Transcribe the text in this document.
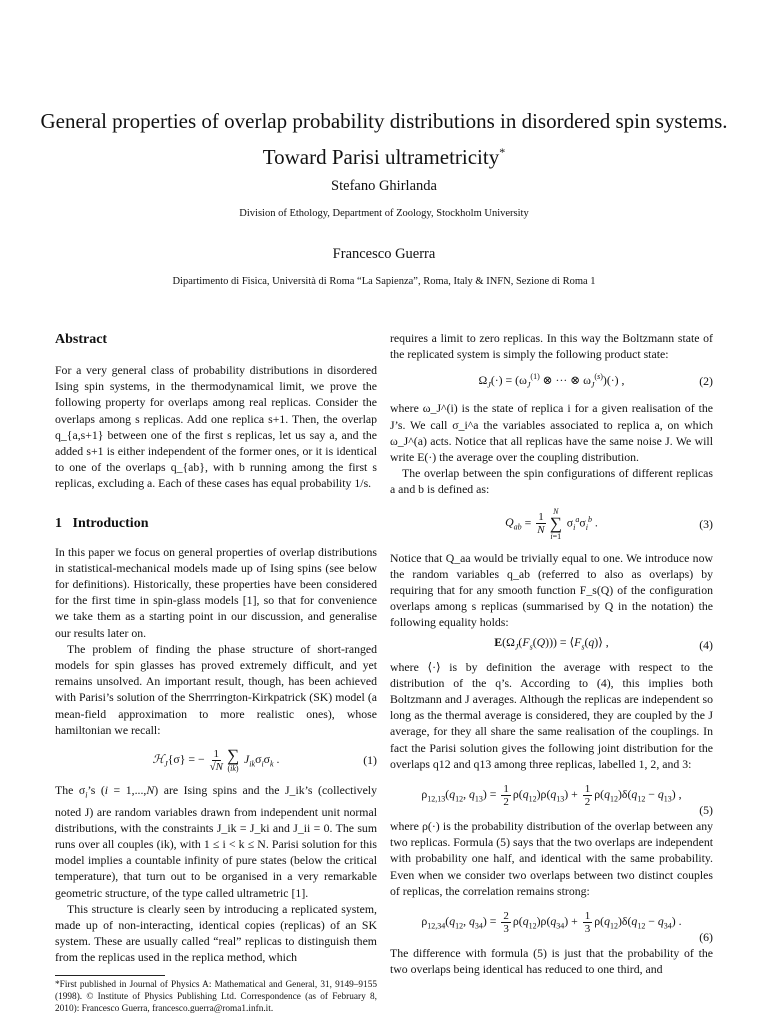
General properties of overlap probability distributions in disordered spin systems. Toward Parisi ultrametricity*
Stefano Ghirlanda
Division of Ethology, Department of Zoology, Stockholm University
Francesco Guerra
Dipartimento di Fisica, Università di Roma “La Sapienza”, Roma, Italy & INFN, Sezione di Roma 1
Abstract

For a very general class of probability distributions in disordered Ising spin systems, in the thermodynamical limit, we prove the following property for overlaps among real replicas. Consider the overlaps among s replicas. Add one replica s+1. Then, the overlap q_{a,s+1} between one of the first s replicas, let us say a, and the added s+1 is either independent of the former ones, or it is identical to one of the overlaps q_{ab}, with b running among the first s replicas, excluding a. Each of these cases has equal probability 1/s.

1 Introduction

In this paper we focus on general properties of overlap distributions in statistical-mechanical models made up of Ising spins (see below for definitions). Historically, these properties have been considered for the first time in spin-glass models [1], so that for convenience we take them as a starting point in our discussion, and generalise our results later on.

The problem of finding the phase structure of short-ranged models for spin glasses has proved extremely difficult, and yet remains unsolved. An important result, though, has been achieved with Parisi’s solution of the Sherrrington-Kirkpatrick (SK) model (a mean-field approximation to more realistic ones), whose hamiltonian we recall:

ℋ$_J${σ} = − $\frac{1}{√N}$ ∑
(ik)
$J_{ik}\sigma_i\sigma_k$ .	(1)

The $\sigma_i’s$ (i = 1,...,N) are Ising spins and the J_ik’s (collectively noted J) are random variables drawn from independent unit normal distributions, with the constraints J_ik = J_ki and J_ii = 0. The sum runs over all couples (ik), with 1 ≤ i < k ≤ N. Parisi solution for this model implies a countable infinity of pure states (below the critical temperature), that turn out to be organised in a very remarkable geometric structure, of the type called ultrametric [1].

This structure is clearly seen by introducing a replicated system, made up of non-interacting, identical copies (replicas) of an SK system. These are usually called “real” replicas to distinguish them from the replicas used in the replica method, which

requires a limit to zero replicas. In this way the Boltzmann state of the replicated system is simply the following product state:

$\Omega_J(\cdot) = (\omega_J^{(1)}$ ⊗ ··· ⊗ $\omega_J^{(s)})(\cdot)$ ,	(2)

where ω_J^(i) is the state of replica i for a given realisation of the J’s. We call σ_i^a the variables associated to replica a, on which ω_J^(a) acts. Notice that all replicas have the same noise J. We will write E(·) the average over the coupling distribution.

The overlap between the spin configurations of different replicas a and b is defined as:

$Q_{ab} = \frac{1}{N}$ N
∑
i=1
$\sigma_i^a\sigma_i^b$ .	(3)

Notice that Q_aa would be trivially equal to one. We introduce now the random variables q_ab (referred to also as overlaps) by requiring that for any smooth function F_s(Q) of the configuration overlaps among s replicas (summarised by Q in the notation) the following equality holds:

$E(\Omega_J(F_s(Q)))$ = $⟨F_s(q)⟩$ ,	(4)

where ⟨·⟩ is by definition the average with respect to the distribution of the q’s. According to (4), this implies both Boltzmann and J averages. Although the replicas are independent so long as the thermal average is considered, they are coupled by the J average, for they all share the same realisation of the couplings. In fact the Parisi solution gives the following joint distribution for the overlaps q12 and q13 among three replicas, labelled 1, 2, and 3:

$\rho_{12,13}(q_{12}$, $q_{13}) = \frac{1}{2} \rho(q_{12})\rho(q_{13}) + \frac{1}{2} \rho(q_{12})\delta(q_{12} - q_{13})$ ,
(5)

where ρ(·) is the probability distribution of the overlap between any two replicas. Formula (5) says that the two overlaps are independent with probability one half, and identical with the same probability. Even when we consider two overlaps between two distinct couples of replicas, the correlation remains strong:

$\rho_{12,34}(q_{12}$, $q_{34}) = \frac{2}{3} \rho(q_{12})\rho(q_{34}) + \frac{1}{3} \rho(q_{12})\delta(q_{12} - q_{34})$ .
(6)

The difference with formula (5) is just that the probability of the two overlaps being identical has reduced to one third, and

*First published in Journal of Physics A: Mathematical and General, 31, 9149–9155 (1998). © Institute of Physics Publishing Ltd. Correspondence (as of February 8, 2010): Francesco Guerra, francesco.guerra@roma1.infn.it.
